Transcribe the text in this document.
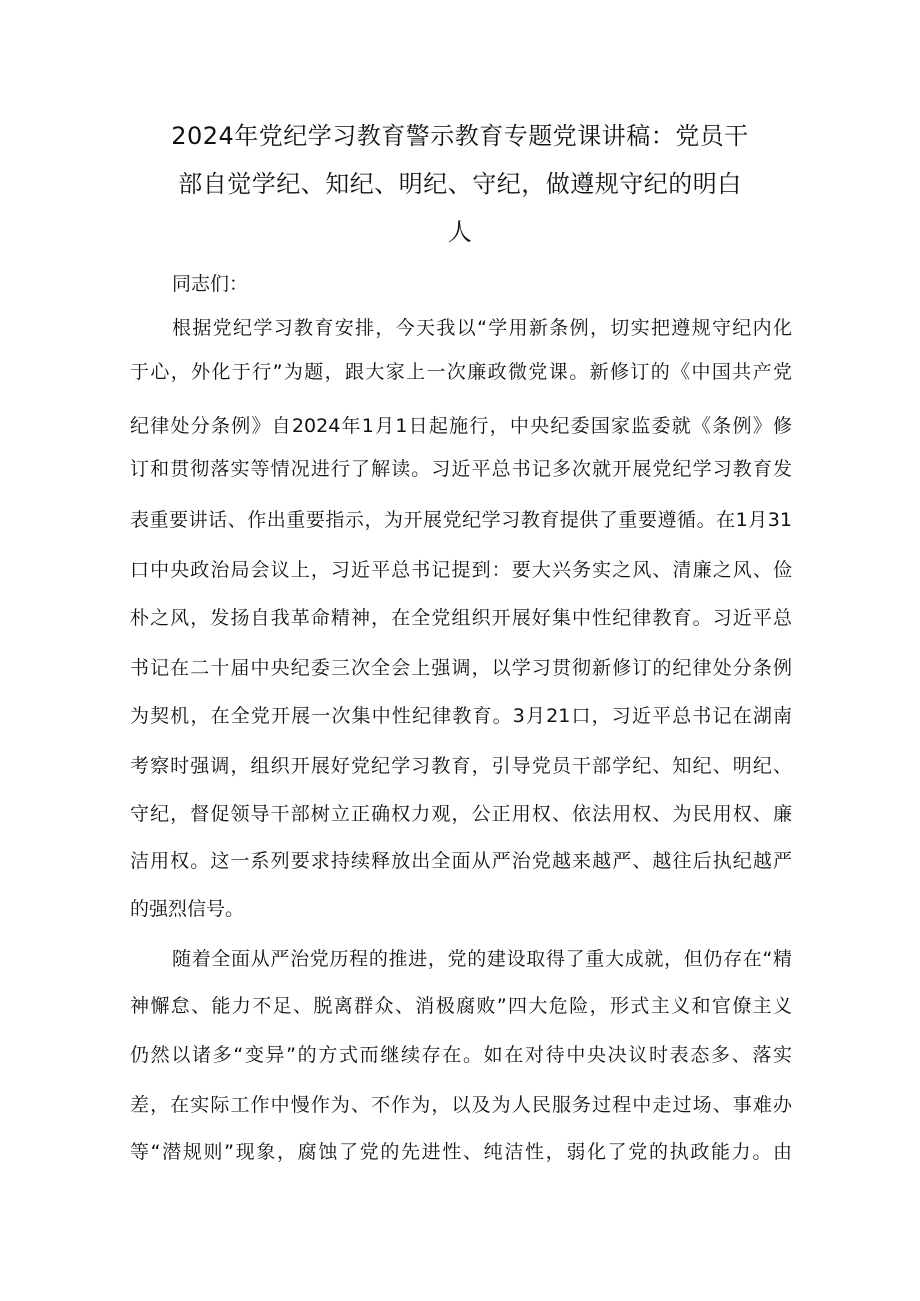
2024年党纪学习教育警示教育专题党课讲稿：党员干
部自觉学纪、知纪、明纪、守纪，做遵规守纪的明白
人

同志们：

根据党纪学习教育安排，今天我以“学用新条例，切实把遵规守纪内化

于心，外化于行”为题，跟大家上一次廉政微党课。新修订的《中国共产党

纪律处分条例》自2024年1月1日起施行，中央纪委国家监委就《条例》修

订和贯彻落实等情况进行了解读。习近平总书记多次就开展党纪学习教育发

表重要讲话、作出重要指示，为开展党纪学习教育提供了重要遵循。在1月31

口中央政治局会议上，习近平总书记提到：要大兴务实之风、清廉之风、俭

朴之风，发扬自我革命精神，在全党组织开展好集中性纪律教育。习近平总

书记在二十届中央纪委三次全会上强调，以学习贯彻新修订的纪律处分条例

为契机，在全党开展一次集中性纪律教育。3月21口，习近平总书记在湖南

考察时强调，组织开展好党纪学习教育，引导党员干部学纪、知纪、明纪、

守纪，督促领导干部树立正确权力观，公正用权、依法用权、为民用权、廉

洁用权。这一系列要求持续释放出全面从严治党越来越严、越往后执纪越严

的强烈信号。

随着全面从严治党历程的推进，党的建设取得了重大成就，但仍存在“精

神懈怠、能力不足、脱离群众、消极腐败”四大危险，形式主义和官僚主义

仍然以诸多“变异”的方式而继续存在。如在对待中央决议时表态多、落实

差，在实际工作中慢作为、不作为，以及为人民服务过程中走过场、事难办

等“潜规则”现象，腐蚀了党的先进性、纯洁性，弱化了党的执政能力。由
